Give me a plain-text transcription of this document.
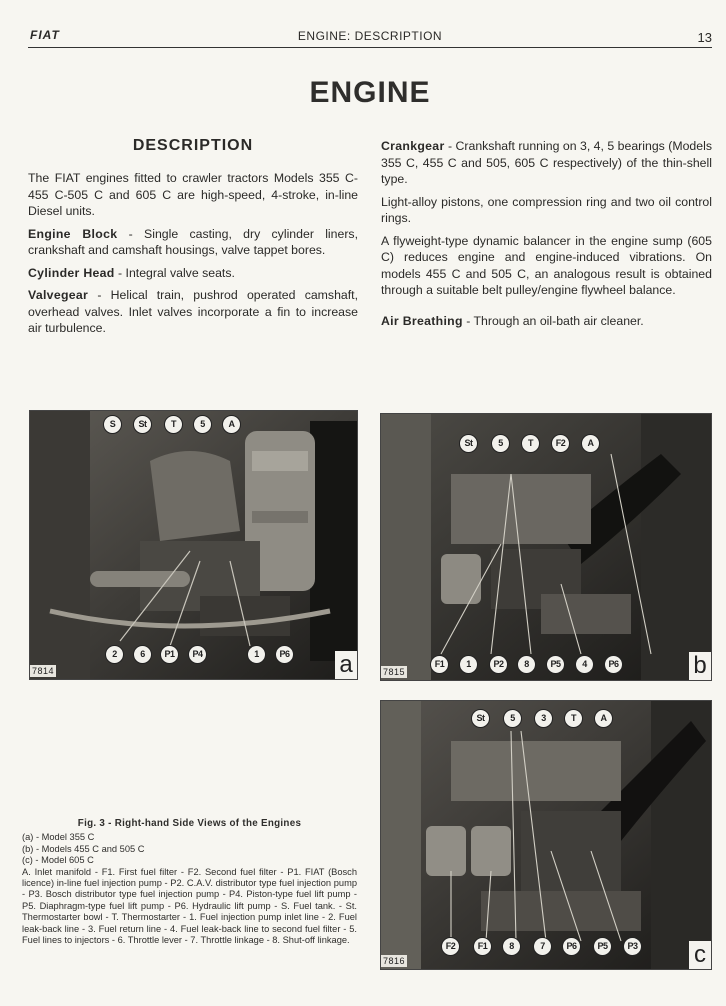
FIAT	ENGINE: DESCRIPTION	13
ENGINE

DESCRIPTION

The FIAT engines fitted to crawler tractors Models 355 C-455 C-505 C and 605 C are high-speed, 4-stroke, in-line Diesel units.

Engine Block - Single casting, dry cylinder liners, crankshaft and camshaft housings, valve tappet bores.

Cylinder Head - Integral valve seats.

Valvegear - Helical train, pushrod operated camshaft, overhead valves. Inlet valves incorporate a fin to increase air turbulence.

Crankgear - Crankshaft running on 3, 4, 5 bearings (Models 355 C, 455 C and 505, 605 C respectively) of the thin-shell type.

Light-alloy pistons, one compression ring and two oil control rings.

A flyweight-type dynamic balancer in the engine sump (605 C) reduces engine and engine-induced vibrations. On models 455 C and 505 C, an analogous result is obtained through a suitable belt pulley/engine flywheel balance.

Air Breathing - Through an oil-bath air cleaner.

S	St	T	5	A
2	6	P1	P4	1	P6
7814	a
St	5	T	F2	A
F1	1	P2	8	P5	4	P6
7815	b
St	5	3	T	A
F2	F1	8	7	P6	P5	P3
7816	c
Fig. 3 - Right-hand Side Views of the Engines
(a) - Model 355 C
(b) - Models 455 C and 505 C
(c) - Model 605 C
A. Inlet manifold - F1. First fuel filter - F2. Second fuel filter - P1. FIAT (Bosch licence) in-line fuel injection pump - P2. C.A.V. distributor type fuel injection pump - P3. Bosch distributor type fuel injection pump - P4. Piston-type fuel lift pump - P5. Diaphragm-type fuel lift pump - P6. Hydraulic lift pump - S. Fuel tank. - St. Thermostarter bowl - T. Thermostarter - 1. Fuel injection pump inlet line - 2. Fuel leak-back line - 3. Fuel return line - 4. Fuel leak-back line to second fuel filter - 5. Fuel lines to injectors - 6. Throttle lever - 7. Throttle linkage - 8. Shut-off linkage.
